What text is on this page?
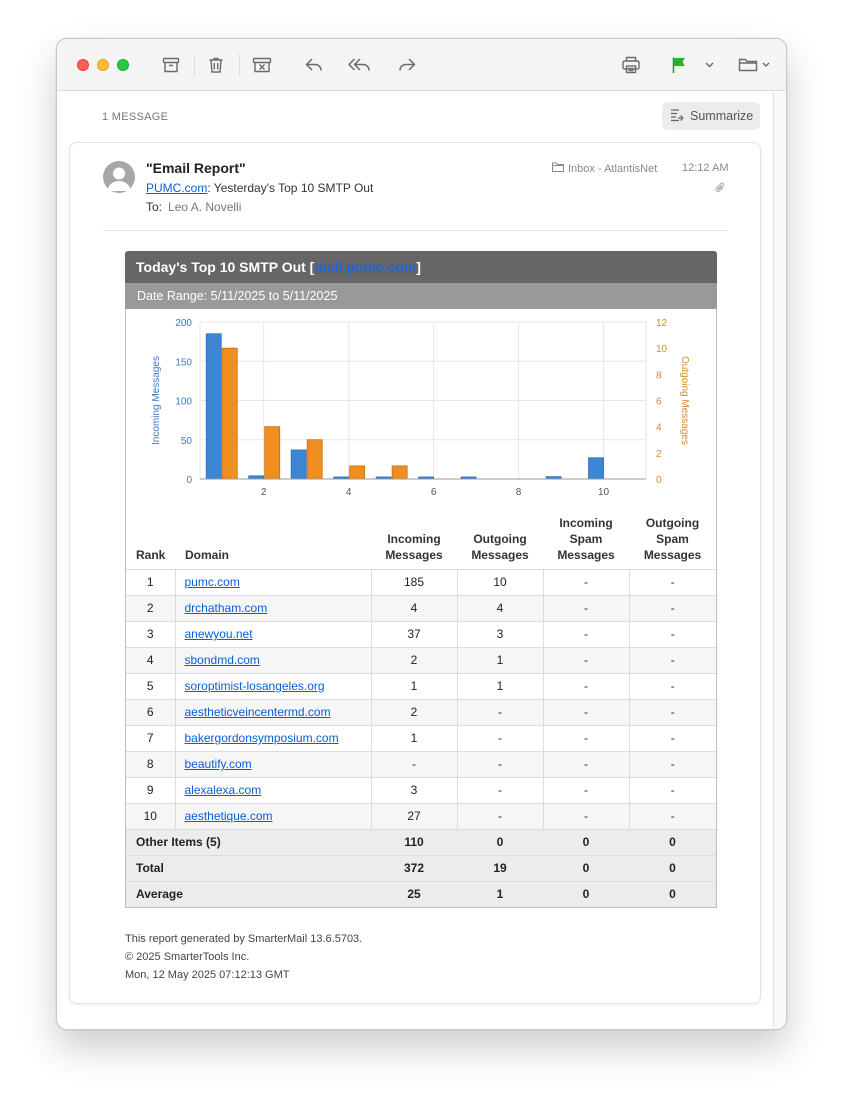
1 MESSAGE	Summarize
"Email Report"
PUMC.com: Yesterday's Top 10 SMTP Out
To: Leo A. Novelli
Inbox - AtlantisNet 12:12 AM
Today's Top 10 SMTP Out [mail.pumc.com]
Date Range: 5/11/2025 to 5/11/2025
0
50
100
150
200
0
2
4
6
8
10
12
2	4	6	8	10
Incoming Messages	Outgoing Messages
Rank	Domain	Incoming
Messages	Outgoing
Messages	Incoming
Spam
Messages	Outgoing
Spam
Messages
1	pumc.com	185	10	-	-
2	drchatham.com	4	4	-	-
3	anewyou.net	37	3	-	-
4	sbondmd.com	2	1	-	-
5	soroptimist-losangeles.org	1	1	-	-
6	aestheticveincentermd.com	2	-	-	-
7	bakergordonsymposium.com	1	-	-	-
8	beautify.com	-	-	-	-
9	alexalexa.com	3	-	-	-
10	aesthetique.com	27	-	-	-
Other Items (5)		110	0	0	0
Total		372	19	0	0
Average		25	1	0	0
This report generated by SmarterMail 13.6.5703.
© 2025 SmarterTools Inc.
Mon, 12 May 2025 07:12:13 GMT
